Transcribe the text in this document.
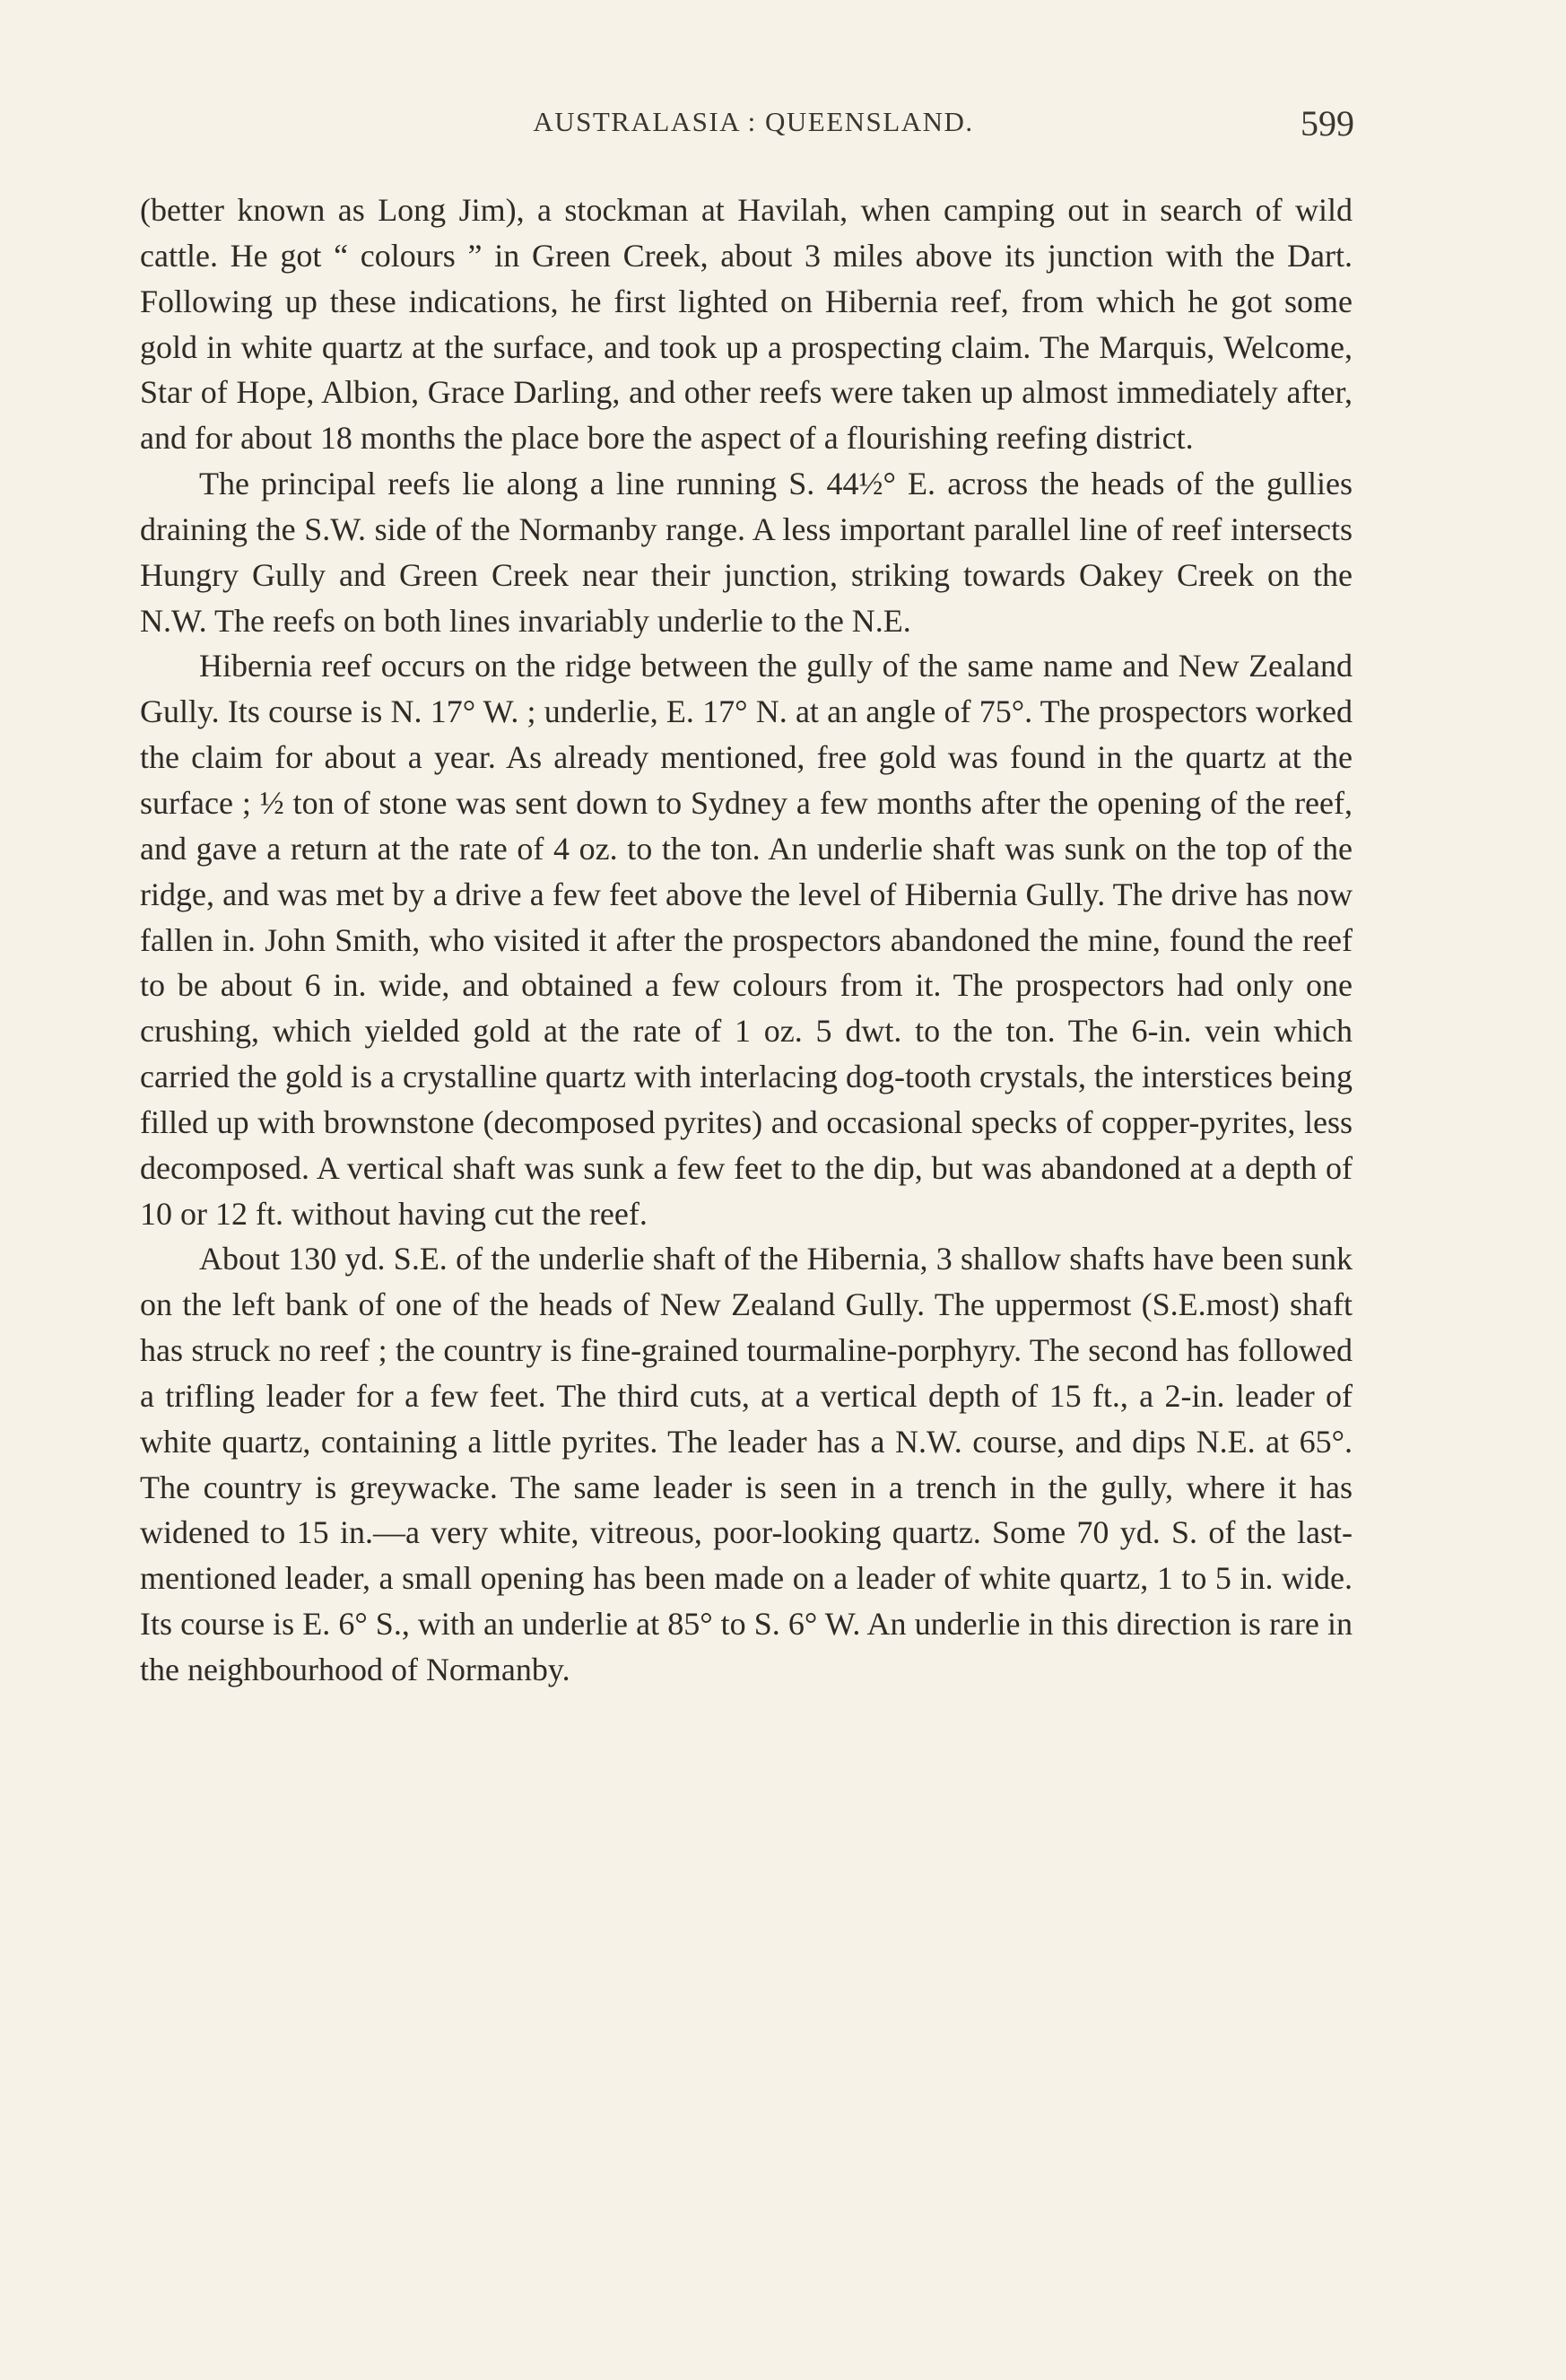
AUSTRALASIA : QUEENSLAND.	599

(better known as Long Jim), a stockman at Havilah, when camping out in search of wild cattle. He got “ colours ” in Green Creek, about 3 miles above its junction with the Dart. Following up these indications, he first lighted on Hibernia reef, from which he got some gold in white quartz at the surface, and took up a prospecting claim. The Marquis, Welcome, Star of Hope, Albion, Grace Darling, and other reefs were taken up almost immediately after, and for about 18 months the place bore the aspect of a flourishing reefing district.

The principal reefs lie along a line running S. 44½° E. across the heads of the gullies draining the S.W. side of the Normanby range. A less important parallel line of reef intersects Hungry Gully and Green Creek near their junction, striking towards Oakey Creek on the N.W. The reefs on both lines invariably underlie to the N.E.

Hibernia reef occurs on the ridge between the gully of the same name and New Zealand Gully. Its course is N. 17° W. ; underlie, E. 17° N. at an angle of 75°. The prospectors worked the claim for about a year. As already mentioned, free gold was found in the quartz at the surface ; ½ ton of stone was sent down to Sydney a few months after the opening of the reef, and gave a return at the rate of 4 oz. to the ton. An underlie shaft was sunk on the top of the ridge, and was met by a drive a few feet above the level of Hibernia Gully. The drive has now fallen in. John Smith, who visited it after the prospectors abandoned the mine, found the reef to be about 6 in. wide, and obtained a few colours from it. The prospectors had only one crushing, which yielded gold at the rate of 1 oz. 5 dwt. to the ton. The 6-in. vein which carried the gold is a crystalline quartz with interlacing dog-tooth crystals, the interstices being filled up with brownstone (decomposed pyrites) and occasional specks of copper-pyrites, less decomposed. A vertical shaft was sunk a few feet to the dip, but was abandoned at a depth of 10 or 12 ft. without having cut the reef.

About 130 yd. S.E. of the underlie shaft of the Hibernia, 3 shallow shafts have been sunk on the left bank of one of the heads of New Zealand Gully. The uppermost (S.E.most) shaft has struck no reef ; the country is fine-grained tourmaline-porphyry. The second has followed a trifling leader for a few feet. The third cuts, at a vertical depth of 15 ft., a 2-in. leader of white quartz, containing a little pyrites. The leader has a N.W. course, and dips N.E. at 65°. The country is greywacke. The same leader is seen in a trench in the gully, where it has widened to 15 in.—a very white, vitreous, poor-looking quartz. Some 70 yd. S. of the last-mentioned leader, a small opening has been made on a leader of white quartz, 1 to 5 in. wide. Its course is E. 6° S., with an underlie at 85° to S. 6° W. An underlie in this direction is rare in the neighbourhood of Normanby.
